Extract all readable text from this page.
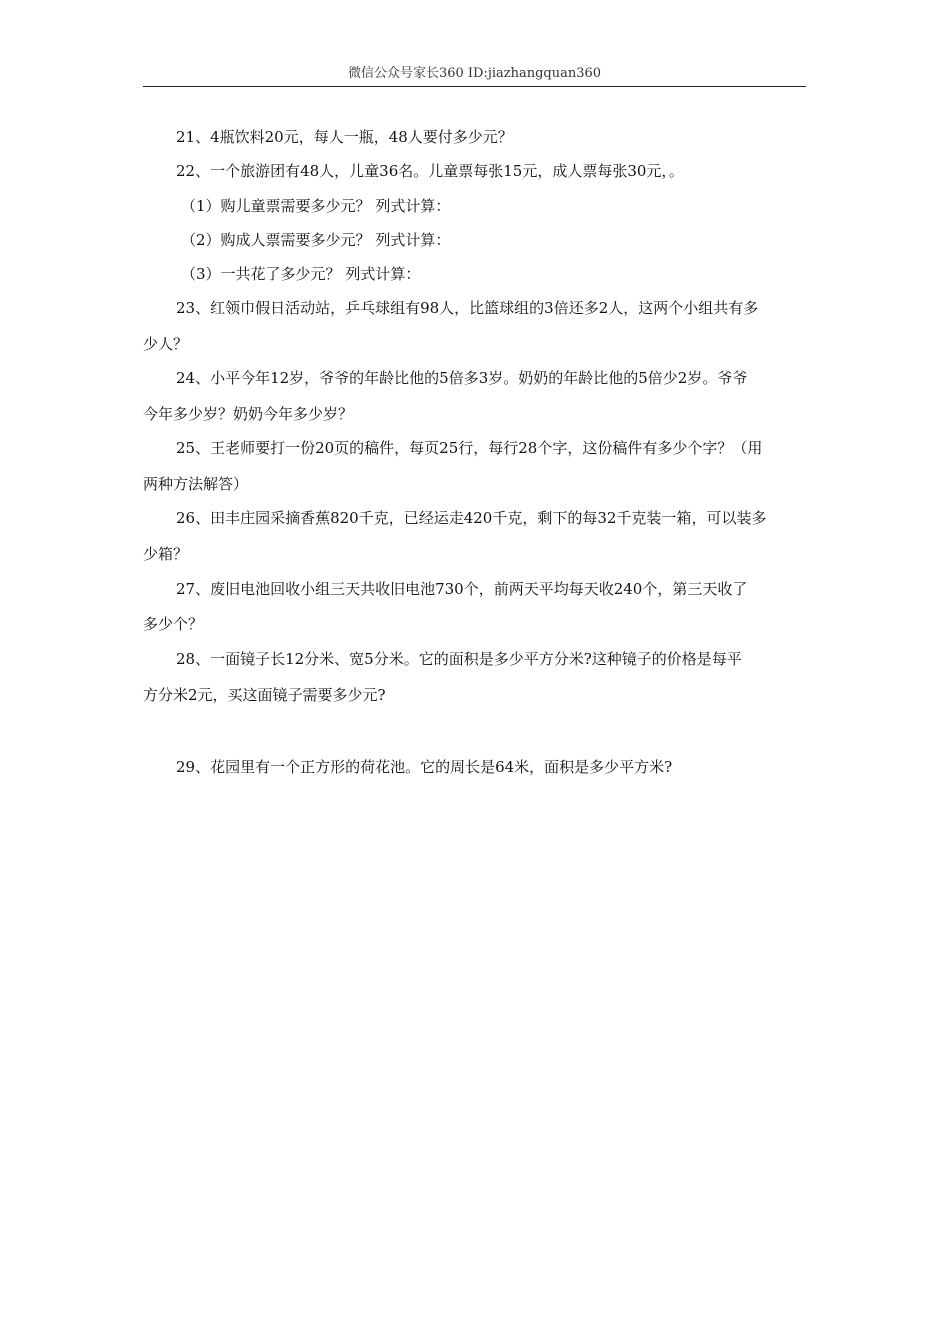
微信公众号家长360 ID:jiazhangquan360
21、4瓶饮料20元，每人一瓶，48人要付多少元？
22、一个旅游团有48人，儿童36名。儿童票每张15元，成人票每张30元，。
（1）购儿童票需要多少元？ 列式计算：
（2）购成人票需要多少元？ 列式计算：
（3）一共花了多少元？ 列式计算：
23、红领巾假日活动站，乒乓球组有98人，比篮球组的3倍还多2人，这两个小组共有多
少人？
24、小平今年12岁，爷爷的年龄比他的5倍多3岁。奶奶的年龄比他的5倍少2岁。爷爷
今年多少岁？奶奶今年多少岁？
25、王老师要打一份20页的稿件，每页25行，每行28个字，这份稿件有多少个字？（用
两种方法解答）
26、田丰庄园采摘香蕉820千克，已经运走420千克，剩下的每32千克装一箱，可以装多
少箱？
27、废旧电池回收小组三天共收旧电池730个，前两天平均每天收240个，第三天收了
多少个？
28、一面镜子长12分米、宽5分米。它的面积是多少平方分米?这种镜子的价格是每平
方分米2元，买这面镜子需要多少元?
29、花园里有一个正方形的荷花池。它的周长是64米，面积是多少平方米?
